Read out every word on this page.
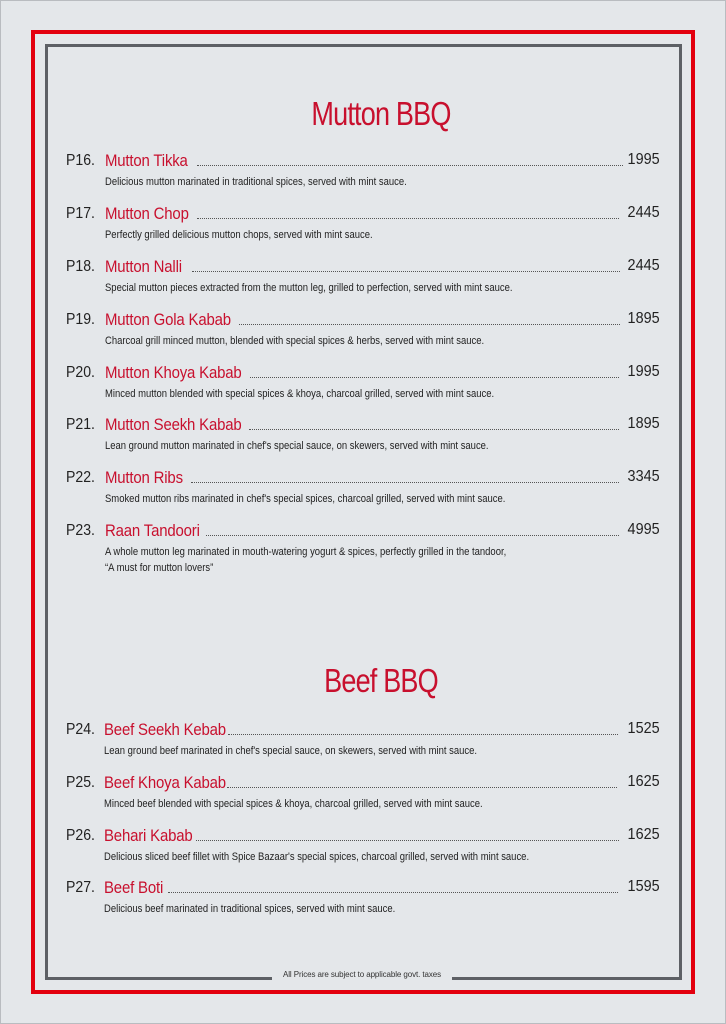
All Prices are subject to applicable govt. taxes
Mutton BBQ
P16. Mutton Tikka	1995
Delicious mutton marinated in traditional spices, served with mint sauce.
P17. Mutton Chop	2445
Perfectly grilled delicious mutton chops, served with mint sauce.
P18. Mutton Nalli	2445
Special mutton pieces extracted from the mutton leg, grilled to perfection, served with mint sauce.
P19. Mutton Gola Kabab	1895
Charcoal grill minced mutton, blended with special spices & herbs, served with mint sauce.
P20. Mutton Khoya Kabab	1995
Minced mutton blended with special spices & khoya, charcoal grilled, served with mint sauce.
P21. Mutton Seekh Kabab	1895
Lean ground mutton marinated in chef's special sauce, on skewers, served with mint sauce.
P22. Mutton Ribs	3345
Smoked mutton ribs marinated in chef's special spices, charcoal grilled, served with mint sauce.
P23. Raan Tandoori	4995
A whole mutton leg marinated in mouth-watering yogurt & spices, perfectly grilled in the tandoor,
“A must for mutton lovers”
Beef BBQ
P24. Beef Seekh Kebab	1525
Lean ground beef marinated in chef's special sauce, on skewers, served with mint sauce.
P25. Beef Khoya Kabab	1625
Minced beef blended with special spices & khoya, charcoal grilled, served with mint sauce.
P26. Behari Kabab	1625
Delicious sliced beef fillet with Spice Bazaar's special spices, charcoal grilled, served with mint sauce.
P27. Beef Boti	1595
Delicious beef marinated in traditional spices, served with mint sauce.
